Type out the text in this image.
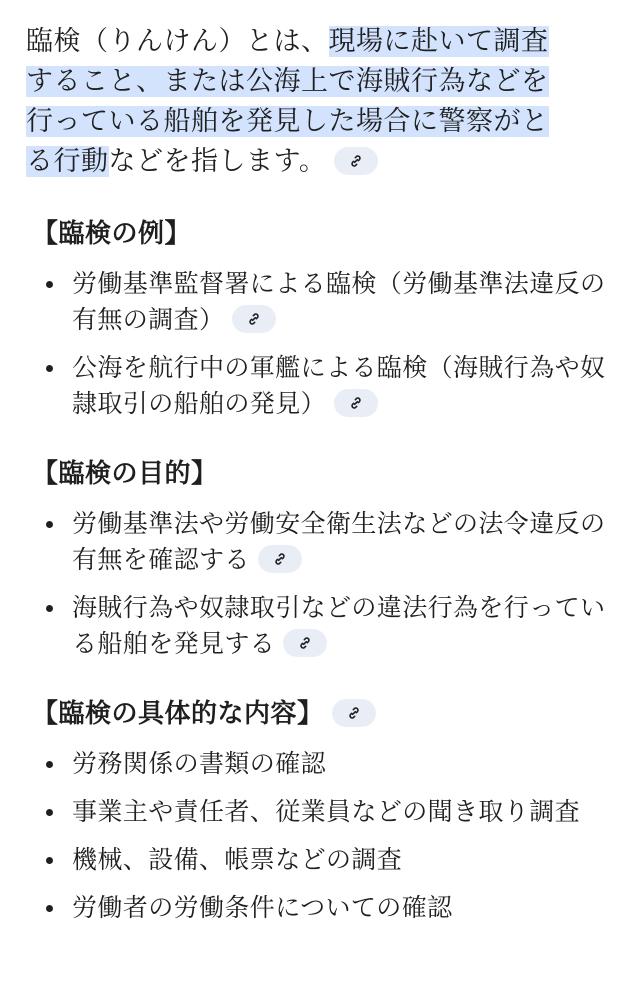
臨検（りんけん）とは、現場に赴いて調査
すること、または公海上で海賊行為などを
行っている船舶を発見した場合に警察がと
る行動などを指します。

【臨検の例】

労働基準監督署による臨検（労働基準法違反の有無の調査）
公海を航行中の軍艦による臨検（海賊行為や奴隷取引の船舶の発見）

【臨検の目的】

労働基準法や労働安全衛生法などの法令違反の有無を確認する
海賊行為や奴隷取引などの違法行為を行っている船舶を発見する

【臨検の具体的な内容】

労務関係の書類の確認
事業主や責任者、従業員などの聞き取り調査
機械、設備、帳票などの調査
労働者の労働条件についての確認
